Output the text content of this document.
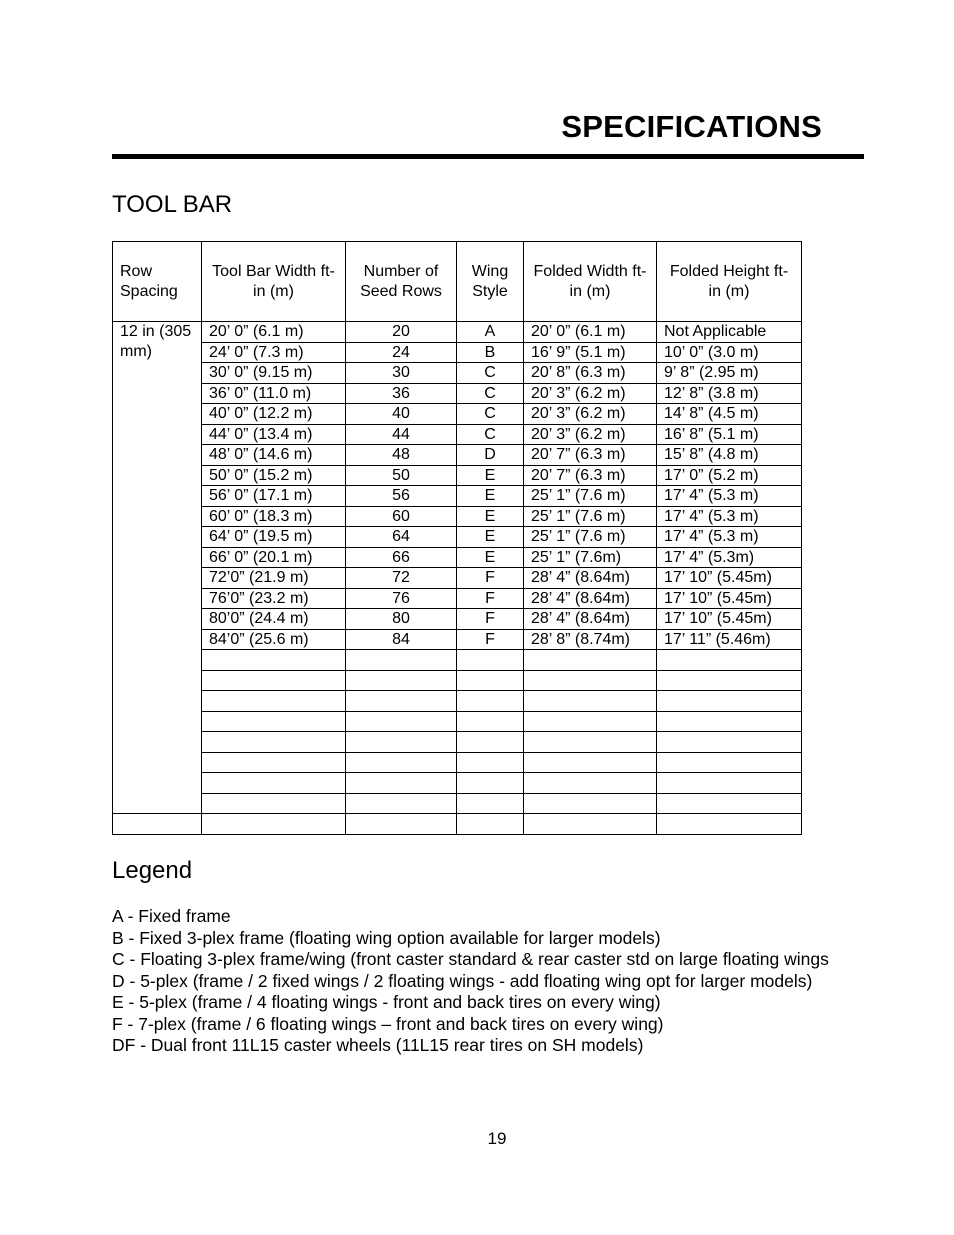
SPECIFICATIONS
TOOL BAR
Row Spacing	Tool Bar Width ft-in (m)	Number of Seed Rows	Wing Style	Folded Width ft-in (m)	Folded Height ft-in (m)
12 in (305 mm)	20’ 0” (6.1 m)	20	A	20’ 0” (6.1 m)	Not Applicable
	24’ 0” (7.3 m)	24	B	16’ 9” (5.1 m)	10’ 0” (3.0 m)
	30’ 0” (9.15 m)	30	C	20’ 8” (6.3 m)	9’ 8” (2.95 m)
	36’ 0” (11.0 m)	36	C	20’ 3” (6.2 m)	12’ 8” (3.8 m)
	40’ 0” (12.2 m)	40	C	20’ 3” (6.2 m)	14’ 8” (4.5 m)
	44’ 0” (13.4 m)	44	C	20’ 3” (6.2 m)	16’ 8” (5.1 m)
	48’ 0” (14.6 m)	48	D	20’ 7” (6.3 m)	15’ 8” (4.8 m)
	50’ 0” (15.2 m)	50	E	20’ 7” (6.3 m)	17’ 0” (5.2 m)
	56’ 0” (17.1 m)	56	E	25’ 1” (7.6 m)	17’ 4” (5.3 m)
	60’ 0” (18.3 m)	60	E	25’ 1” (7.6 m)	17’ 4” (5.3 m)
	64’ 0” (19.5 m)	64	E	25’ 1” (7.6 m)	17’ 4” (5.3 m)
	66’ 0” (20.1 m)	66	E	25’ 1” (7.6m)	17’ 4” (5.3m)
	72’0” (21.9 m)	72	F	28’ 4” (8.64m)	17’ 10” (5.45m)
	76’0” (23.2 m)	76	F	28’ 4” (8.64m)	17’ 10” (5.45m)
	80’0” (24.4 m)	80	F	28’ 4” (8.64m)	17’ 10” (5.45m)
	84’0” (25.6 m)	84	F	28’ 8” (8.74m)	17’ 11” (5.46m)

Legend
A - Fixed frame
B - Fixed 3-plex frame (floating wing option available for larger models)
C - Floating 3-plex frame/wing (front caster standard & rear caster std on large floating wings
D - 5-plex (frame / 2 fixed wings / 2 floating wings - add floating wing opt for larger models)
E - 5-plex (frame / 4 floating wings - front and back tires on every wing)
F - 7-plex (frame / 6 floating wings – front and back tires on every wing)
DF - Dual front 11L15 caster wheels (11L15 rear tires on SH models)
19
